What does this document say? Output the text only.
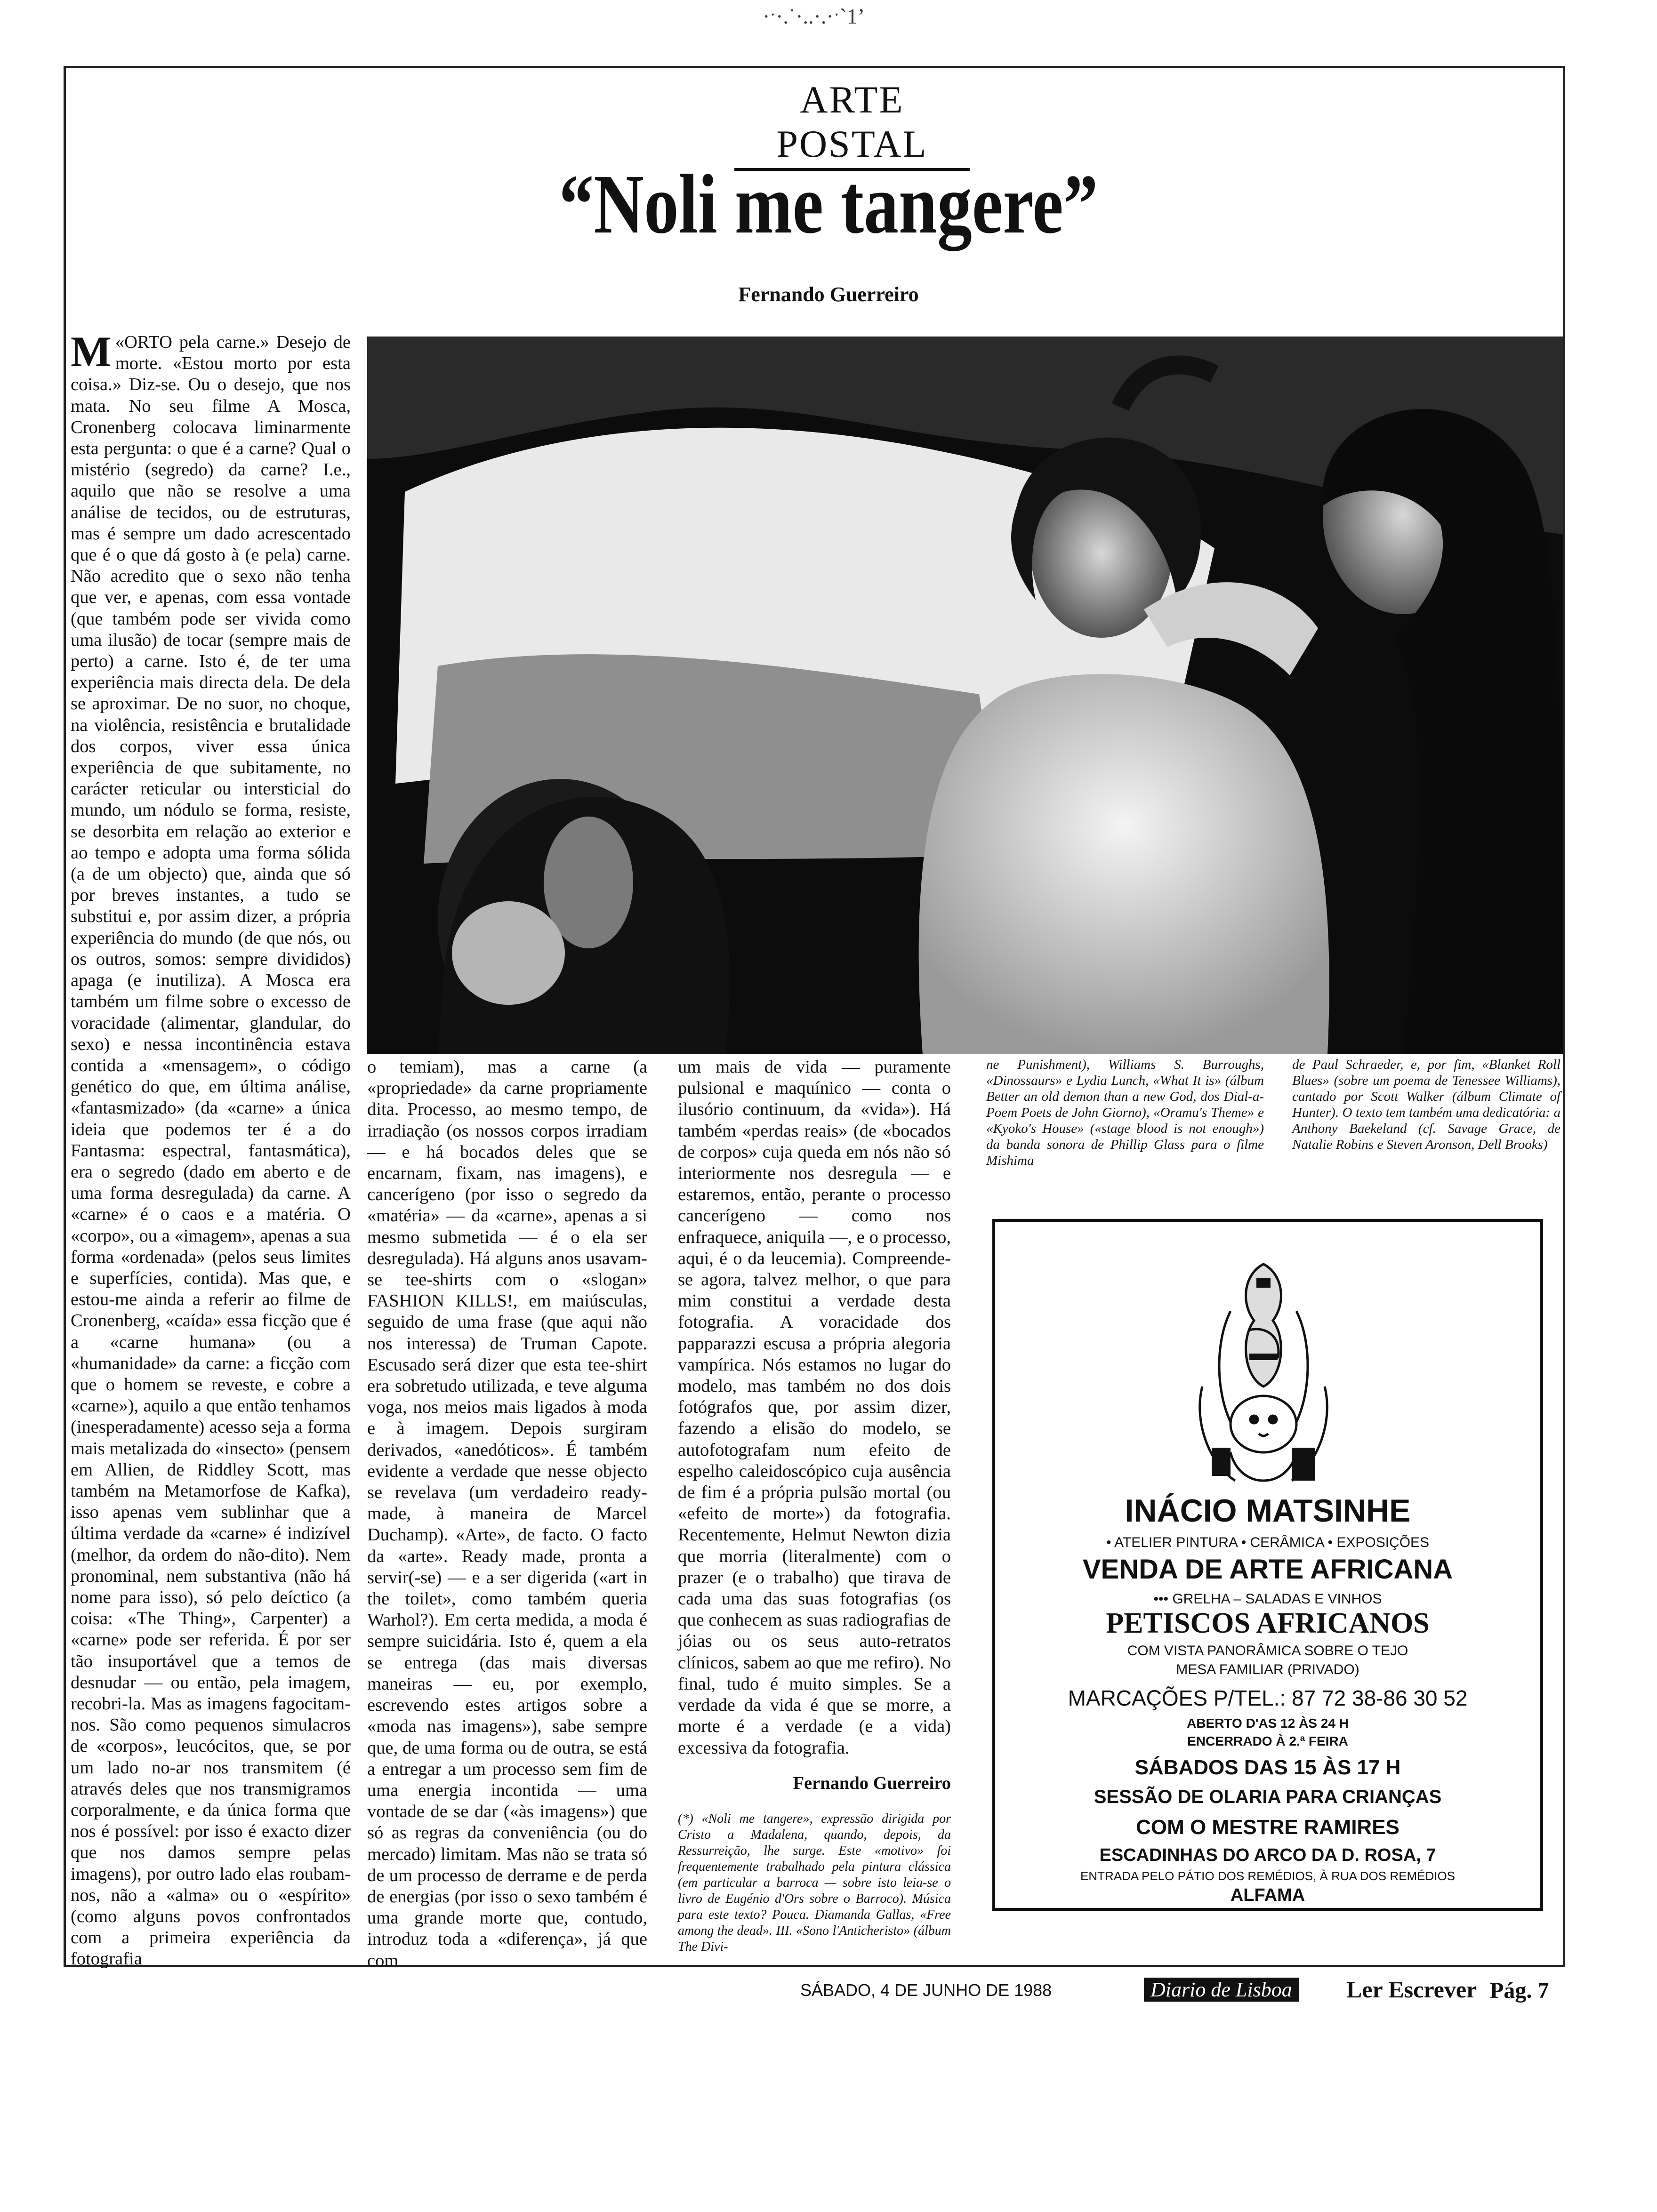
·ˑ·.˙·..·.·ˑ`1ʼ
ARTE POSTAL
“Noli me tangere”
Fernando Guerreiro
M «ORTO pela carne.» Desejo de morte. «Estou morto por esta coisa.» Diz-se. Ou o desejo, que nos mata. No seu filme A Mosca, Cronenberg colocava liminarmente esta pergunta: o que é a carne? Qual o mistério (segredo) da carne? I.e., aquilo que não se resolve a uma análise de tecidos, ou de estruturas, mas é sempre um dado acrescentado que é o que dá gosto à (e pela) carne. Não acredito que o sexo não tenha que ver, e apenas, com essa vontade (que também pode ser vivida como uma ilusão) de tocar (sempre mais de perto) a carne. Isto é, de ter uma experiência mais directa dela. De dela se aproximar. De no suor, no choque, na violência, resistência e brutalidade dos corpos, viver essa única experiência de que subitamente, no carácter reticular ou intersticial do mundo, um nódulo se forma, resiste, se desorbita em relação ao exterior e ao tempo e adopta uma forma sólida (a de um objecto) que, ainda que só por breves instantes, a tudo se substitui e, por assim dizer, a própria experiência do mundo (de que nós, ou os outros, somos: sempre divididos) apaga (e inutiliza). A Mosca era também um filme sobre o excesso de voracidade (alimentar, glandular, do sexo) e nessa incontinência estava contida a «mensagem», o código genético do que, em última análise, «fantasmizado» (da «carne» a única ideia que podemos ter é a do Fantasma: espectral, fantasmática), era o segredo (dado em aberto e de uma forma desregulada) da carne. A «carne» é o caos e a matéria. O «corpo», ou a «imagem», apenas a sua forma «ordenada» (pelos seus limites e superfícies, contida). Mas que, e estou-me ainda a referir ao filme de Cronenberg, «caída» essa ficção que é a «carne humana» (ou a «humanidade» da carne: a ficção com que o homem se reveste, e cobre a «carne»), aquilo a que então tenhamos (inesperadamente) acesso seja a forma mais metalizada do «insecto» (pensem em Allien, de Riddley Scott, mas também na Metamorfose de Kafka), isso apenas vem sublinhar que a última verdade da «carne» é indizível (melhor, da ordem do não-dito). Nem pronominal, nem substantiva (não há nome para isso), só pelo deíctico (a coisa: «The Thing», Carpenter) a «carne» pode ser referida. É por ser tão insuportável que a temos de desnudar — ou então, pela imagem, recobri-la. Mas as imagens fagocitam-nos. São como pequenos simulacros de «corpos», leucócitos, que, se por um lado no-ar nos transmitem (é através deles que nos transmigramos corporalmente, e da única forma que nos é possível: por isso é exacto dizer que nos damos sempre pelas imagens), por outro lado elas roubam-nos, não a «alma» ou o «espírito» (como alguns povos confrontados com a primeira experiência da fotografia

o temiam), mas a carne (a «propriedade» da carne propriamente dita. Processo, ao mesmo tempo, de irradiação (os nossos corpos irradiam — e há bocados deles que se encarnam, fixam, nas imagens), e cancerígeno (por isso o segredo da «matéria» — da «carne», apenas a si mesmo submetida — é o ela ser desregulada). Há alguns anos usavam-se tee-shirts com o «slogan» FASHION KILLS!, em maiúsculas, seguido de uma frase (que aqui não nos interessa) de Truman Capote. Escusado será dizer que esta tee-shirt era sobretudo utilizada, e teve alguma voga, nos meios mais ligados à moda e à imagem. Depois surgiram derivados, «anedóticos». É também evidente a verdade que nesse objecto se revelava (um verdadeiro ready-made, à maneira de Marcel Duchamp). «Arte», de facto. O facto da «arte». Ready made, pronta a servir(-se) — e a ser digerida («art in the toilet», como também queria Warhol?). Em certa medida, a moda é sempre suicidária. Isto é, quem a ela se entrega (das mais diversas maneiras — eu, por exemplo, escrevendo estes artigos sobre a «moda nas imagens»), sabe sempre que, de uma forma ou de outra, se está a entregar a um processo sem fim de uma energia incontida — uma vontade de se dar («às imagens») que só as regras da conveniência (ou do mercado) limitam. Mas não se trata só de um processo de derrame e de perda de energias (por isso o sexo também é uma grande morte que, contudo, introduz toda a «diferença», já que com

um mais de vida — puramente pulsional e maquínico — conta o ilusório continuum, da «vida»). Há também «perdas reais» (de «bocados de corpos» cuja queda em nós não só interiormente nos desregula — e estaremos, então, perante o processo cancerígeno — como nos enfraquece, aniquila —, e o processo, aqui, é o da leucemia). Compreende-se agora, talvez melhor, o que para mim constitui a verdade desta fotografia. A voracidade dos papparazzi escusa a própria alegoria vampírica. Nós estamos no lugar do modelo, mas também no dos dois fotógrafos que, por assim dizer, fazendo a elisão do modelo, se autofotografam num efeito de espelho caleidoscópico cuja ausência de fim é a própria pulsão mortal (ou «efeito de morte») da fotografia. Recentemente, Helmut Newton dizia que morria (literalmente) com o prazer (e o trabalho) que tirava de cada uma das suas fotografias (os que conhecem as suas radiografias de jóias ou os seus auto-retratos clínicos, sabem ao que me refiro). No final, tudo é muito simples. Se a verdade da vida é que se morre, a morte é a verdade (e a vida) excessiva da fotografia.

Fernando Guerreiro
(*) «Noli me tangere», expressão dirigida por Cristo a Madalena, quando, depois, da Ressurreição, lhe surge. Este «motivo» foi frequentemente trabalhado pela pintura clássica (em particular a barroca — sobre isto leia-se o livro de Eugénio d'Ors sobre o Barroco). Música para este texto? Pouca. Diamanda Gallas, «Free among the dead». III. «Sono l'Anticheristo» (álbum The Divi-

ne Punishment), Williams S. Burroughs, «Dinossaurs» e Lydia Lunch, «What It is» (álbum Better an old demon than a new God, dos Dial-a-Poem Poets de John Giorno), «Oramu's Theme» e «Kyoko's House» («stage blood is not enough») da banda sonora de Phillip Glass para o filme Mishima

de Paul Schraeder, e, por fim, «Blanket Roll Blues» (sobre um poema de Tenessee Williams), cantado por Scott Walker (álbum Climate of Hunter). O texto tem também uma dedicatória: a Anthony Baekeland (cf. Savage Grace, de Natalie Robins e Steven Aronson, Dell Brooks)

INÁCIO MATSINHE
• ATELIER PINTURA • CERÂMICA • EXPOSIÇÕES
VENDA DE ARTE AFRICANA
••• GRELHA – SALADAS E VINHOS
PETISCOS AFRICANOS
COM VISTA PANORÂMICA SOBRE O TEJO
MESA FAMILIAR (PRIVADO)
MARCAÇÕES P/TEL.: 87 72 38-86 30 52
ABERTO D'AS 12 ÀS 24 H
ENCERRADO À 2.ª FEIRA
SÁBADOS DAS 15 ÀS 17 H
SESSÃO DE OLARIA PARA CRIANÇAS
COM O MESTRE RAMIRES
ESCADINHAS DO ARCO DA D. ROSA, 7
ENTRADA PELO PÁTIO DOS REMÉDIOS, À RUA DOS REMÉDIOS
ALFAMA
SÁBADO, 4 DE JUNHO DE 1988	Diario de Lisboa Ler Escrever Pág. 7
